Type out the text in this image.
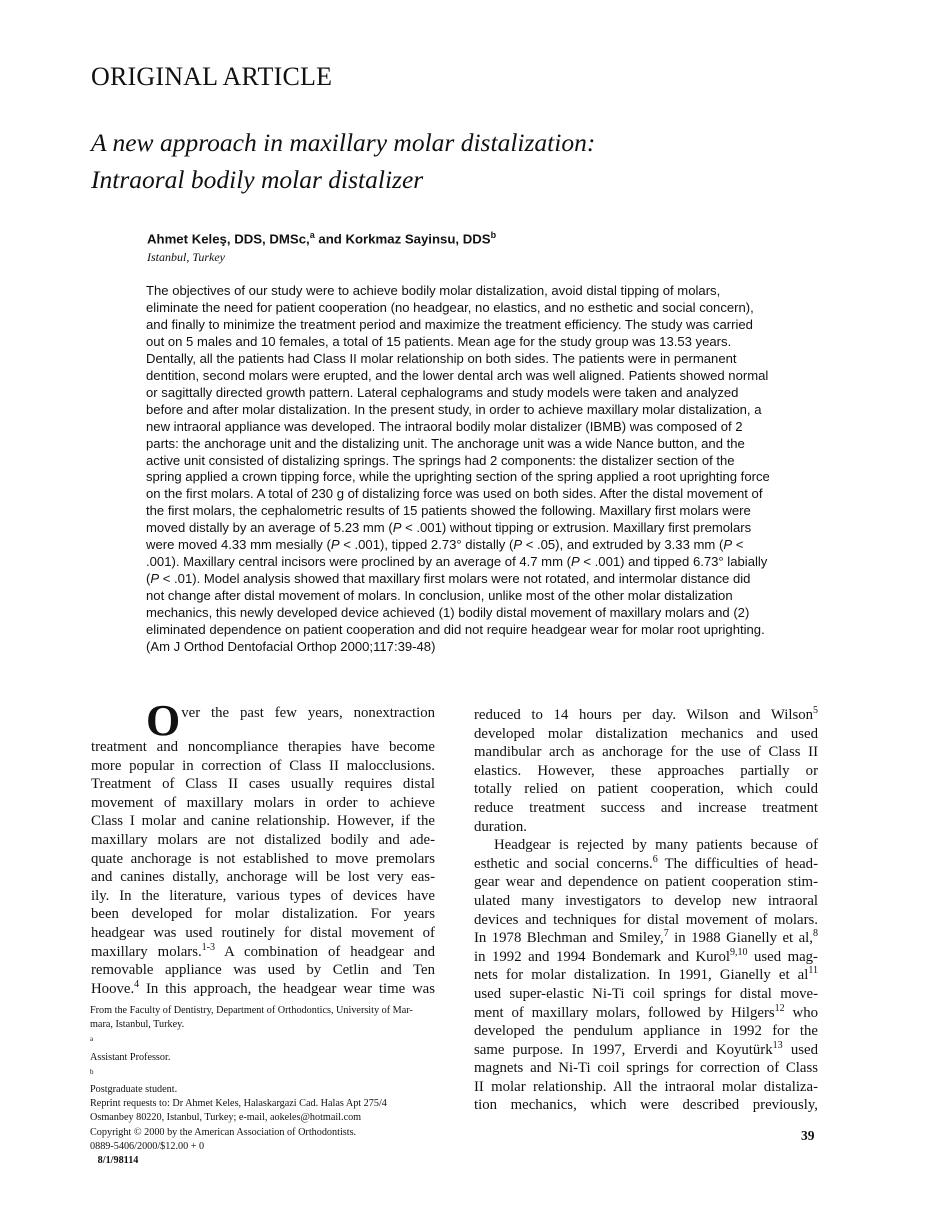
ORIGINAL ARTICLE
A new approach in maxillary molar distalization:
Intraoral bodily molar distalizer
Ahmet Keleş, DDS, DMSc,$^a$ and Korkmaz Sayinsu, DDS$^b$
Istanbul, Turkey
The objectives of our study were to achieve bodily molar distalization, avoid distal tipping of molars,
eliminate the need for patient cooperation (no headgear, no elastics, and no esthetic and social concern),
and finally to minimize the treatment period and maximize the treatment efficiency. The study was carried
out on 5 males and 10 females, a total of 15 patients. Mean age for the study group was 13.53 years.
Dentally, all the patients had Class II molar relationship on both sides. The patients were in permanent
dentition, second molars were erupted, and the lower dental arch was well aligned. Patients showed normal
or sagittally directed growth pattern. Lateral cephalograms and study models were taken and analyzed
before and after molar distalization. In the present study, in order to achieve maxillary molar distalization, a
new intraoral appliance was developed. The intraoral bodily molar distalizer (IBMB) was composed of 2
parts: the anchorage unit and the distalizing unit. The anchorage unit was a wide Nance button, and the
active unit consisted of distalizing springs. The springs had 2 components: the distalizer section of the
spring applied a crown tipping force, while the uprighting section of the spring applied a root uprighting force
on the first molars. A total of 230 g of distalizing force was used on both sides. After the distal movement of
the first molars, the cephalometric results of 15 patients showed the following. Maxillary first molars were
moved distally by an average of 5.23 mm (P < .001) without tipping or extrusion. Maxillary first premolars
were moved 4.33 mm mesially (P < .001), tipped 2.73° distally (P < .05), and extruded by 3.33 mm (P <
.001). Maxillary central incisors were proclined by an average of 4.7 mm (P < .001) and tipped 6.73° labially
(P < .01). Model analysis showed that maxillary first molars were not rotated, and intermolar distance did
not change after distal movement of molars. In conclusion, unlike most of the other molar distalization
mechanics, this newly developed device achieved (1) bodily distal movement of maxillary molars and (2)
eliminated dependence on patient cooperation and did not require headgear wear for molar root uprighting.
(Am J Orthod Dentofacial Orthop 2000;117:39-48)
O ver the past few years, nonextraction
treatment and noncompliance therapies have become
more popular in correction of Class II malocclusions.
Treatment of Class II cases usually requires distal
movement of maxillary molars in order to achieve
Class I molar and canine relationship. However, if the
maxillary molars are not distalized bodily and ade-
quate anchorage is not established to move premolars
and canines distally, anchorage will be lost very eas-
ily. In the literature, various types of devices have
been developed for molar distalization. For years
headgear was used routinely for distal movement of
maxillary molars.$^{1-3}$ A combination of headgear and
removable appliance was used by Cetlin and Ten
Hoove.$^4$ In this approach, the headgear wear time was
reduced to 14 hours per day. Wilson and Wilson$^5$
developed molar distalization mechanics and used
mandibular arch as anchorage for the use of Class II
elastics. However, these approaches partially or
totally relied on patient cooperation, which could
reduce treatment success and increase treatment
duration.
Headgear is rejected by many patients because of
esthetic and social concerns.$^6$ The difficulties of head-
gear wear and dependence on patient cooperation stim-
ulated many investigators to develop new intraoral
devices and techniques for distal movement of molars.
In 1978 Blechman and Smiley,$^7$ in 1988 Gianelly et al,$^8$
in 1992 and 1994 Bondemark and Kurol$^{9,10}$ used mag-
nets for molar distalization. In 1991, Gianelly et $al^{11}$
used super-elastic Ni-Ti coil springs for distal move-
ment of maxillary molars, followed by Hilgers$^{12}$ who
developed the pendulum appliance in 1992 for the
same purpose. In 1997, Erverdi and Koyutürk$^{13}$ used
magnets and Ni-Ti coil springs for correction of Class
II molar relationship. All the intraoral molar distaliza-
tion mechanics, which were described previously,
From the Faculty of Dentistry, Department of Orthodontics, University of Mar-
mara, Istanbul, Turkey.
$^a$
Assistant Professor.
$^b$
Postgraduate student.
Reprint requests to: Dr Ahmet Keles, Halaskargazi Cad. Halas Apt 275/4
Osmanbey 80220, Istanbul, Turkey; e-mail, aokeles@hotmail.com
Copyright © 2000 by the American Association of Orthodontists.
0889-5406/2000/$12.00 + 0
8/1/98114
39
